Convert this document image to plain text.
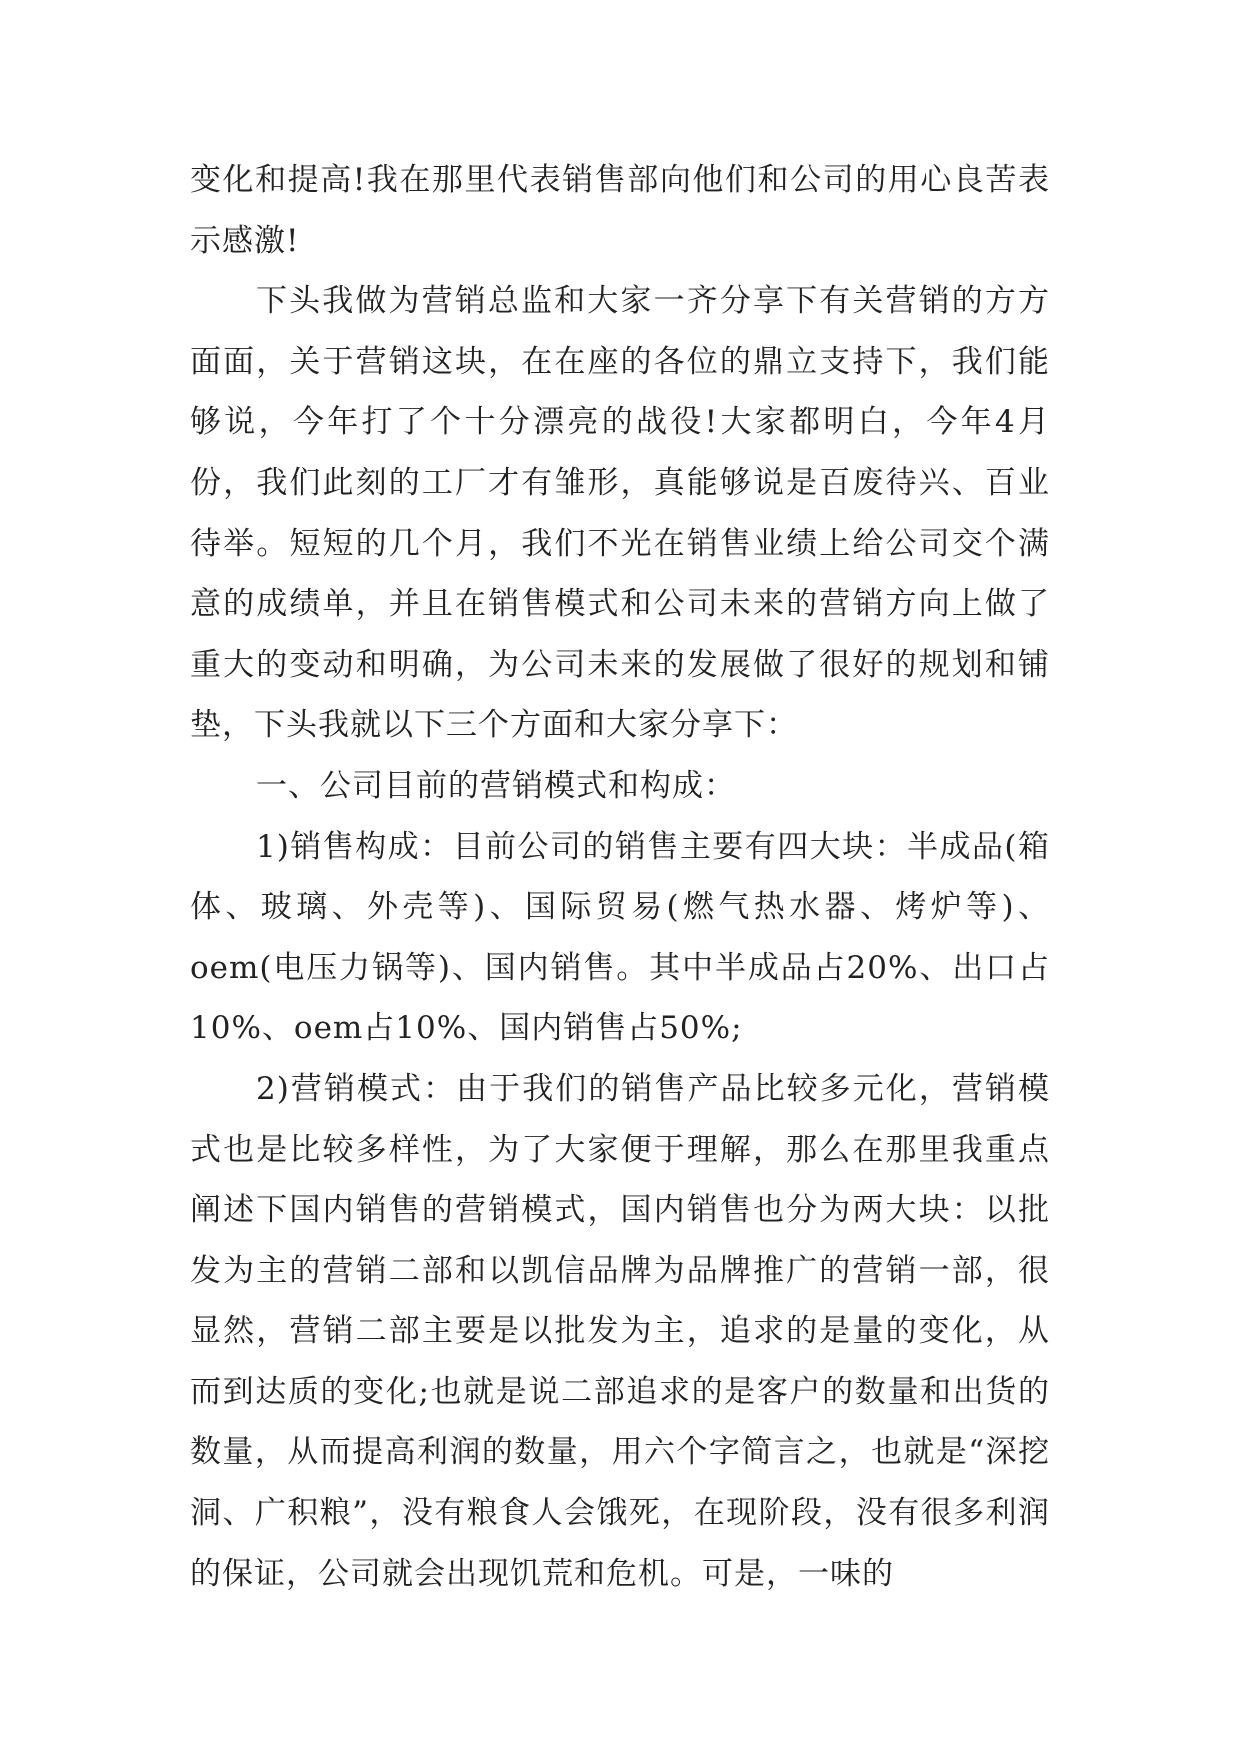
变化和提高!我在那里代表销售部向他们和公司的用心良苦表示感激!

下头我做为营销总监和大家一齐分享下有关营销的方方面面，关于营销这块，在在座的各位的鼎立支持下，我们能够说，今年打了个十分漂亮的战役!大家都明白，今年4月份，我们此刻的工厂才有雏形，真能够说是百废待兴、百业待举。短短的几个月，我们不光在销售业绩上给公司交个满意的成绩单，并且在销售模式和公司未来的营销方向上做了重大的变动和明确，为公司未来的发展做了很好的规划和铺垫，下头我就以下三个方面和大家分享下：

一、公司目前的营销模式和构成：

1)销售构成：目前公司的销售主要有四大块：半成品(箱体、玻璃、外壳等)、国际贸易(燃气热水器、烤炉等)、oem(电压力锅等)、国内销售。其中半成品占20%、出口占10%、oem占10%、国内销售占50%;

2)营销模式：由于我们的销售产品比较多元化，营销模式也是比较多样性，为了大家便于理解，那么在那里我重点阐述下国内销售的营销模式，国内销售也分为两大块：以批发为主的营销二部和以凯信品牌为品牌推广的营销一部，很显然，营销二部主要是以批发为主，追求的是量的变化，从而到达质的变化;也就是说二部追求的是客户的数量和出货的数量，从而提高利润的数量，用六个字简言之，也就是“深挖洞、广积粮”，没有粮食人会饿死，在现阶段，没有很多利润的保证，公司就会出现饥荒和危机。可是，一味的
